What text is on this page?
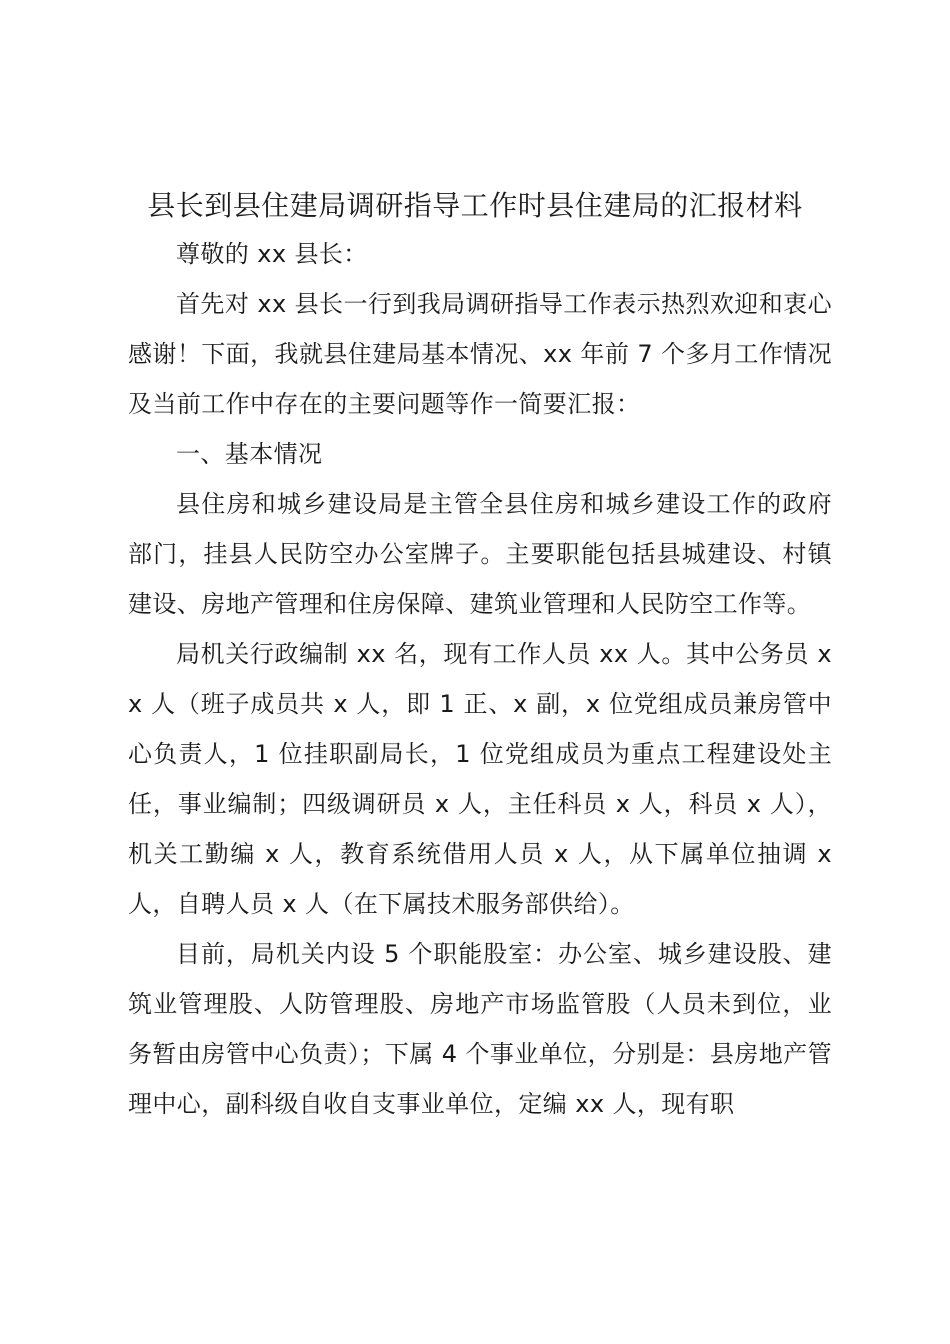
县长到县住建局调研指导工作时县住建局的汇报材料

尊敬的 xx 县长：

首先对 xx 县长一行到我局调研指导工作表示热烈欢迎和衷心感谢！下面，我就县住建局基本情况、xx 年前 7 个多月工作情况及当前工作中存在的主要问题等作一简要汇报：

一、基本情况

县住房和城乡建设局是主管全县住房和城乡建设工作的政府部门，挂县人民防空办公室牌子。主要职能包括县城建设、村镇建设、房地产管理和住房保障、建筑业管理和人民防空工作等。

局机关行政编制 xx 名，现有工作人员 xx 人。其中公务员 xx 人（班子成员共 x 人，即 1 正、x 副，x 位党组成员兼房管中心负责人，1 位挂职副局长，1 位党组成员为重点工程建设处主任，事业编制；四级调研员 x 人，主任科员 x 人，科员 x 人），机关工勤编 x 人，教育系统借用人员 x 人，从下属单位抽调 x 人，自聘人员 x 人（在下属技术服务部供给）。

目前，局机关内设 5 个职能股室：办公室、城乡建设股、建筑业管理股、人防管理股、房地产市场监管股（人员未到位，业务暂由房管中心负责）；下属 4 个事业单位，分别是：县房地产管理中心，副科级自收自支事业单位，定编 xx 人，现有职
